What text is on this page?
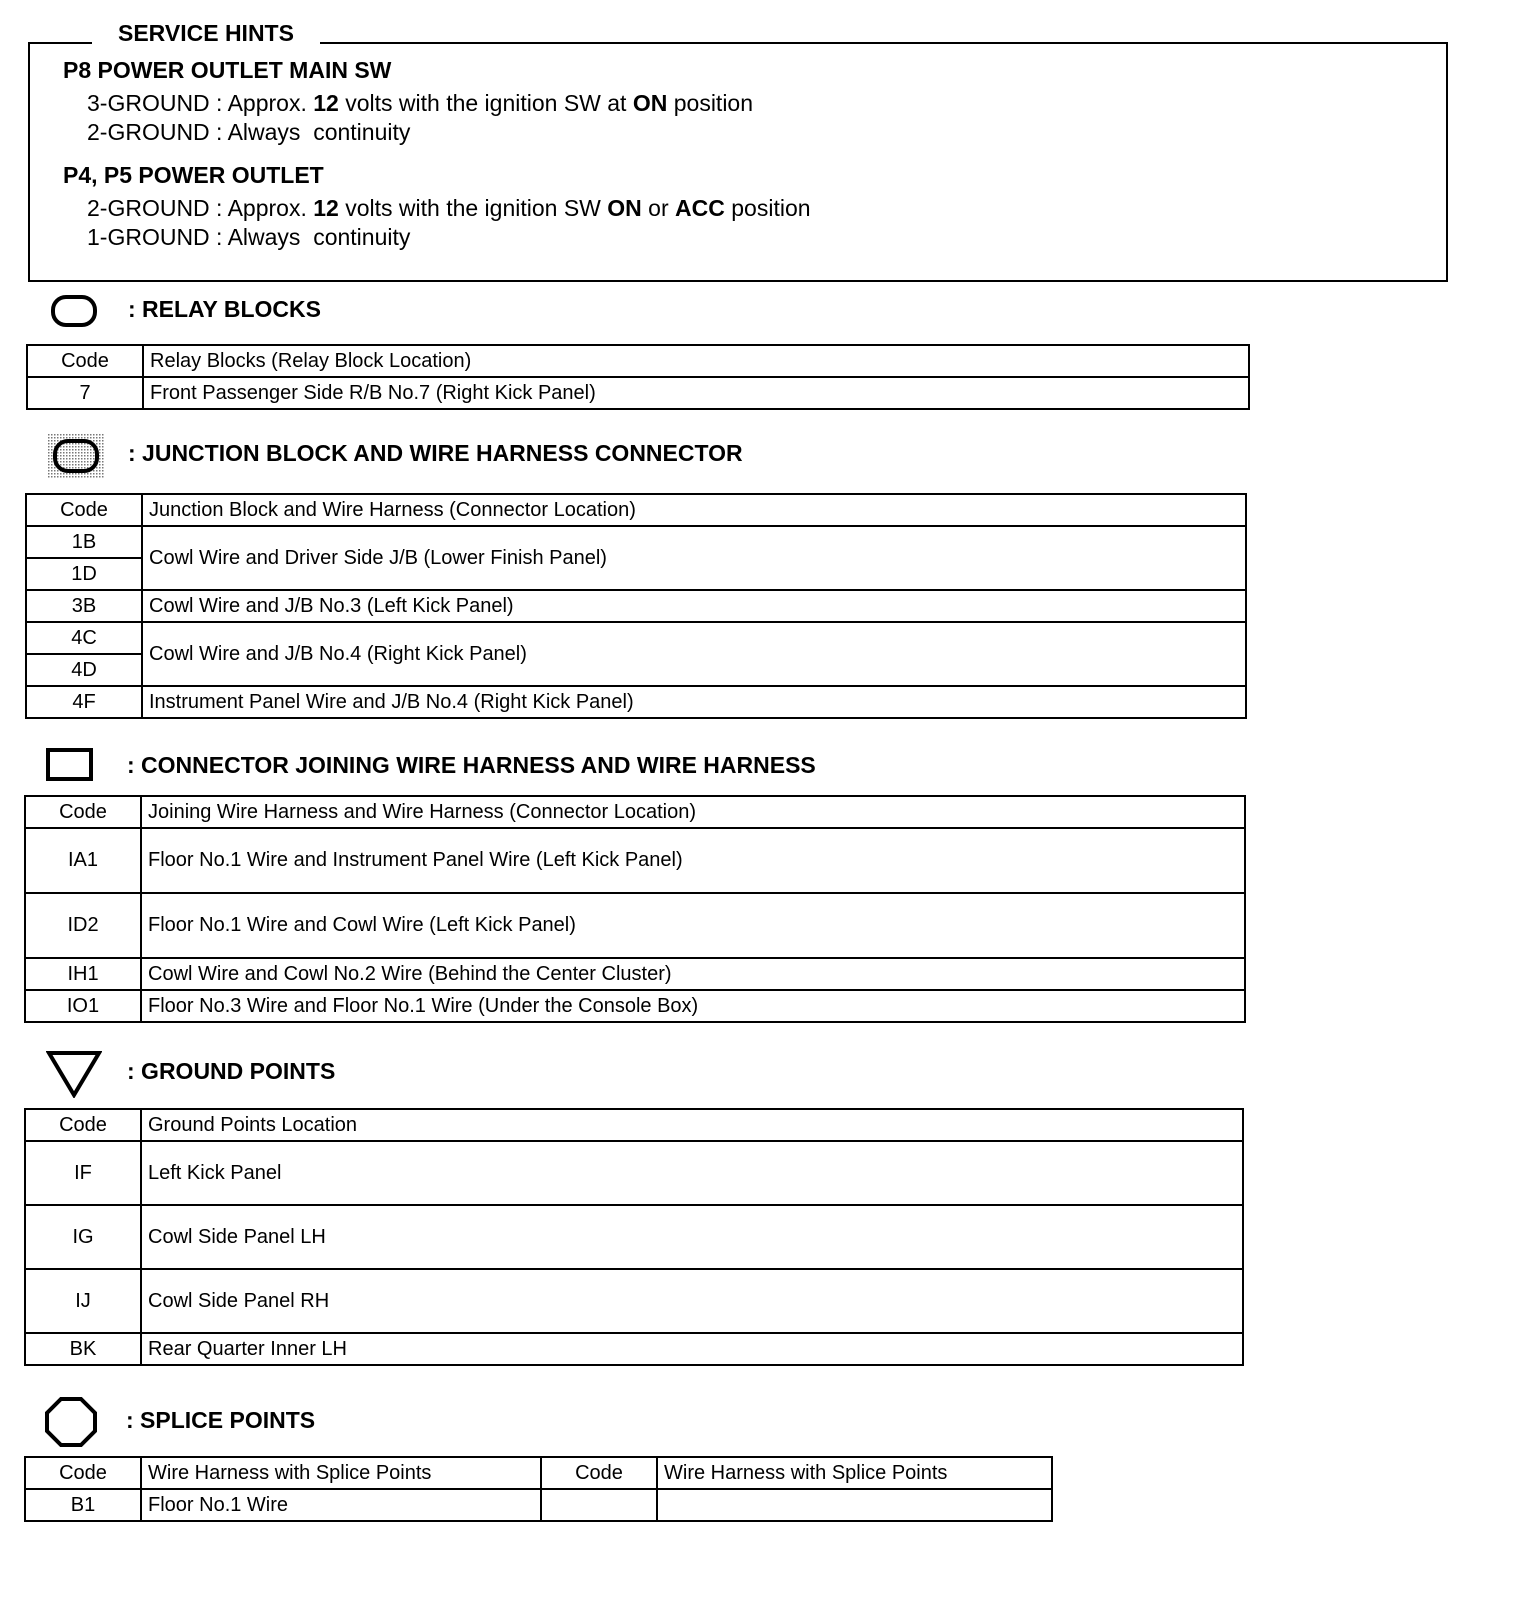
SERVICE HINTS
P8 POWER OUTLET MAIN SW
3-GROUND : Approx. 12 volts with the ignition SW at ON position
2-GROUND : Always  continuity
P4, P5 POWER OUTLET
2-GROUND : Approx. 12 volts with the ignition SW ON or ACC position
1-GROUND : Always  continuity
: RELAY BLOCKS
Code	Relay Blocks (Relay Block Location)
7	Front Passenger Side R/B No.7 (Right Kick Panel)
: JUNCTION BLOCK AND WIRE HARNESS CONNECTOR
Code	Junction Block and Wire Harness (Connector Location)
1B	Cowl Wire and Driver Side J/B (Lower Finish Panel)
1D	
3B	Cowl Wire and J/B No.3 (Left Kick Panel)
4C	Cowl Wire and J/B No.4 (Right Kick Panel)
4D	
4F	Instrument Panel Wire and J/B No.4 (Right Kick Panel)
: CONNECTOR JOINING WIRE HARNESS AND WIRE HARNESS
Code	Joining Wire Harness and Wire Harness (Connector Location)
IA1	Floor No.1 Wire and Instrument Panel Wire (Left Kick Panel)
ID2	Floor No.1 Wire and Cowl Wire (Left Kick Panel)
IH1	Cowl Wire and Cowl No.2 Wire (Behind the Center Cluster)
IO1	Floor No.3 Wire and Floor No.1 Wire (Under the Console Box)
: GROUND POINTS
Code	Ground Points Location
IF	Left Kick Panel
IG	Cowl Side Panel LH
IJ	Cowl Side Panel RH
BK	Rear Quarter Inner LH
: SPLICE POINTS
Code	Wire Harness with Splice Points	Code	Wire Harness with Splice Points
B1	Floor No.1 Wire		
